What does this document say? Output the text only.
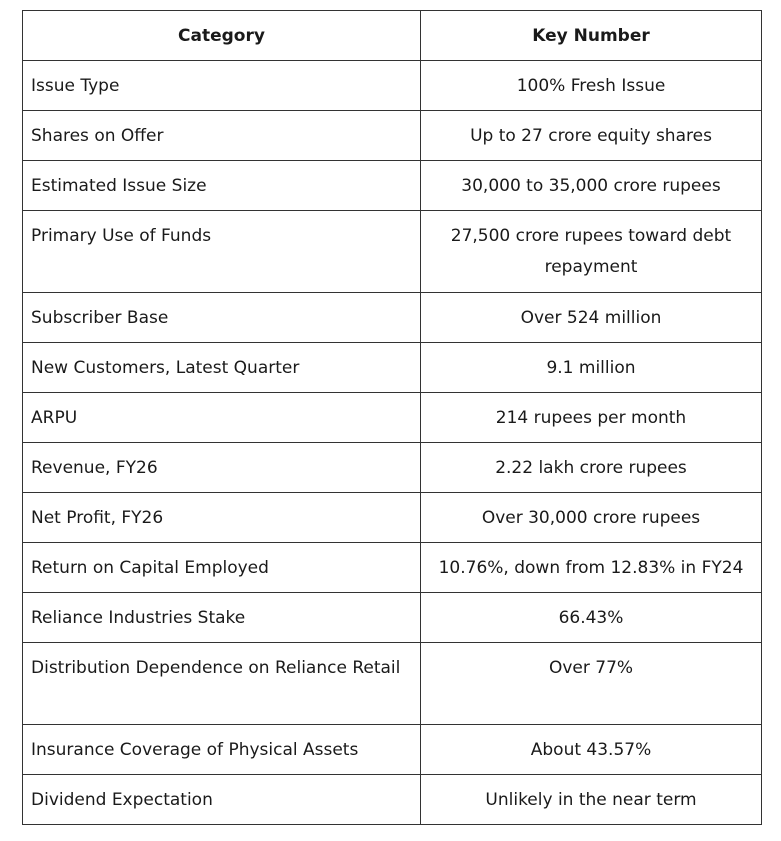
Category	Key Number
Issue Type	100% Fresh Issue
Shares on Offer	Up to 27 crore equity shares
Estimated Issue Size	30,000 to 35,000 crore rupees
Primary Use of Funds	27,500 crore rupees toward debt repayment
Subscriber Base	Over 524 million
New Customers, Latest Quarter	9.1 million
ARPU	214 rupees per month
Revenue, FY26	2.22 lakh crore rupees
Net Profit, FY26	Over 30,000 crore rupees
Return on Capital Employed	10.76%, down from 12.83% in FY24
Reliance Industries Stake	66.43%
Distribution Dependence on Reliance Retail	Over 77%
Insurance Coverage of Physical Assets	About 43.57%
Dividend Expectation	Unlikely in the near term
